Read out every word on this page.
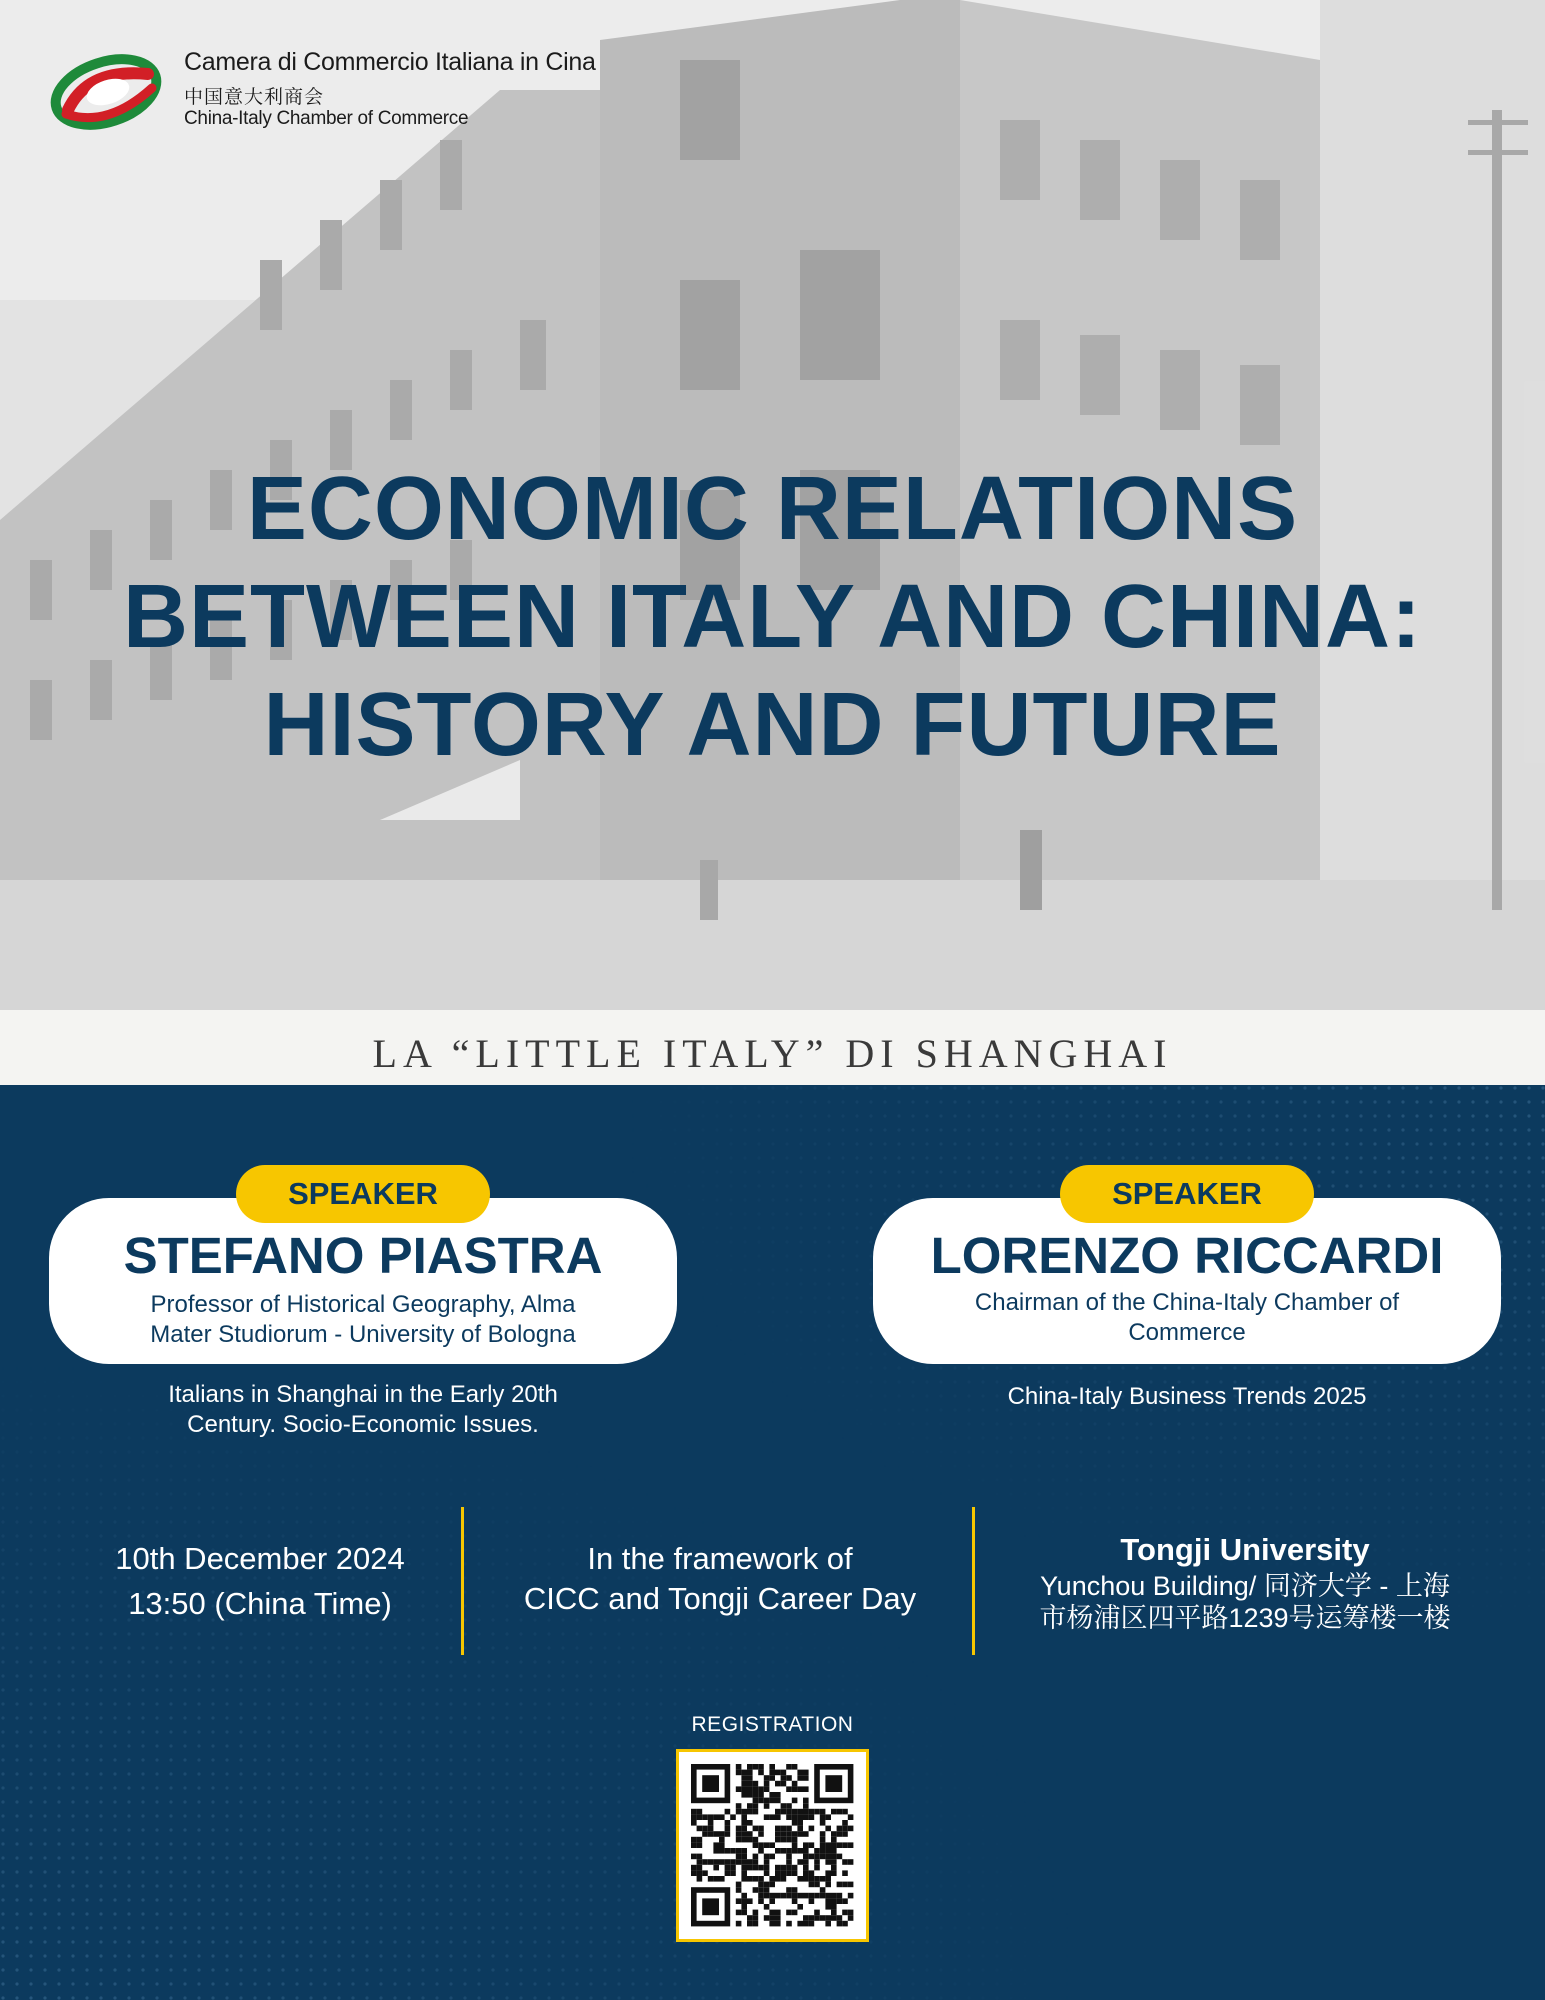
LA “LITTLE ITALY” DI SHANGHAI
Camera di Commercio Italiana in Cina
中国意大利商会
China-Italy Chamber of Commerce
ECONOMIC RELATIONS
BETWEEN ITALY AND CHINA:
HISTORY AND FUTURE
STEFANO PIASTRA
Professor of Historical Geography, Alma
Mater Studiorum - University of Bologna
SPEAKER
Italians in Shanghai in the Early 20th
Century. Socio-Economic Issues.
LORENZO RICCARDI
Chairman of the China-Italy Chamber of
Commerce
SPEAKER
China-Italy Business Trends 2025
10th December 2024
13:50 (China Time)
In the framework of
CICC and Tongji Career Day
Tongji University
Yunchou Building/ 同济大学 - 上海
市杨浦区四平路1239号运筹楼一楼
REGISTRATION
